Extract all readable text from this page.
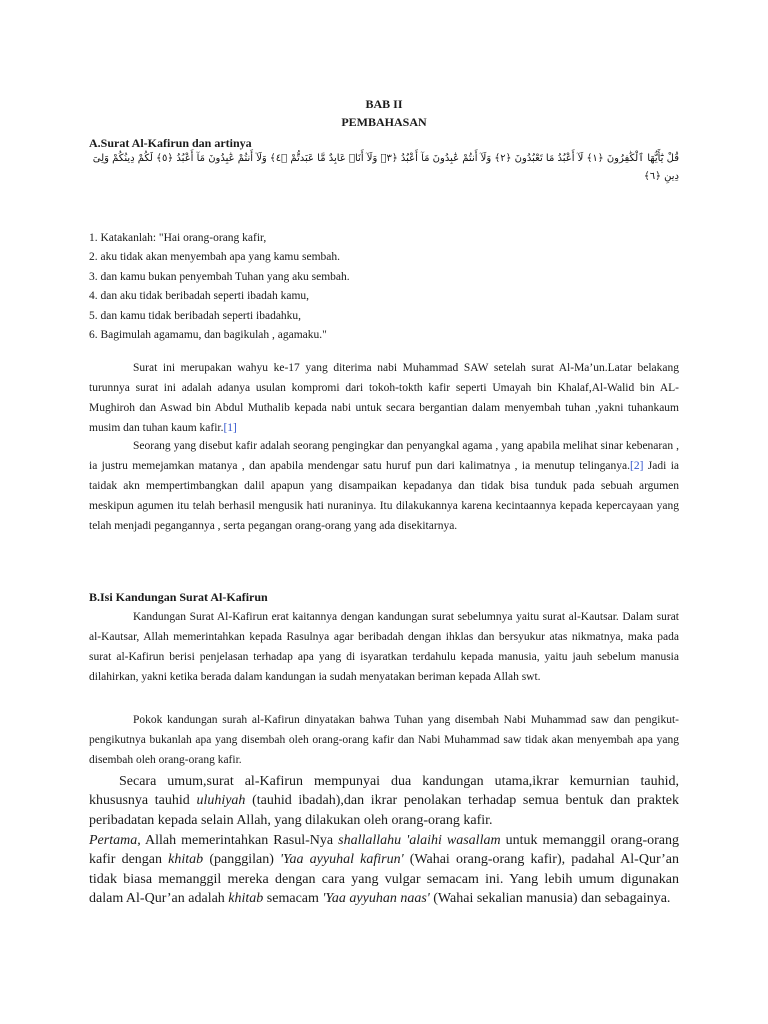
BAB II
PEMBAHASAN
A.Surat Al-Kafirun dan artinya
قُلْ يَٰٓأَيُّهَا ٱلْكَٰفِرُونَ ﴿١﴾ لَآ أَعْبُدُ مَا تَعْبُدُونَ ﴿٢﴾ وَلَآ أَنتُمْ عَٰبِدُونَ مَآ أَعْبُدُ ﴿٣﴾ وَلَآ أَنَا۠ عَابِدٌ مَّا عَبَدتُّمْ ﴿٤﴾ وَلَآ أَنتُمْ عَٰبِدُونَ مَآ أَعْبُدُ ﴿٥﴾ لَكُمْ دِينُكُمْ وَلِىَ دِينِ ﴿٦﴾
1. Katakanlah: "Hai orang-orang kafir,
2. aku tidak akan menyembah apa yang kamu sembah.
3. dan kamu bukan penyembah Tuhan yang aku sembah.
4. dan aku tidak beribadah seperti ibadah kamu,
5. dan kamu tidak beribadah seperti ibadahku,
6. Bagimulah agamamu, dan bagikulah , agamaku."

Surat ini merupakan wahyu ke-17 yang diterima nabi Muhammad SAW setelah surat Al-Ma’un.Latar belakang turunnya surat ini adalah adanya usulan kompromi dari tokoh-tokth kafir seperti Umayah bin Khalaf,Al-Walid bin AL-Mughiroh dan Aswad bin Abdul Muthalib kepada nabi untuk secara bergantian dalam menyembah tuhan ,yakni tuhankaum musim dan tuhan kaum kafir.[1]

Seorang yang disebut kafir adalah seorang pengingkar dan penyangkal agama , yang apabila melihat sinar kebenaran , ia justru memejamkan matanya , dan apabila mendengar satu huruf pun dari kalimatnya , ia menutup telinganya.[2] Jadi ia taidak akn mempertimbangkan dalil apapun yang disampaikan kepadanya dan tidak bisa tunduk pada sebuah argumen meskipun agumen itu telah berhasil mengusik hati nuraninya. Itu dilakukannya karena kecintaannya kepada kepercayaan yang telah menjadi pegangannya , serta pegangan orang-orang yang ada disekitarnya.

B.Isi Kandungan Surat Al-Kafirun

Kandungan Surat Al-Kafirun erat kaitannya dengan kandungan surat sebelumnya yaitu surat al-Kautsar. Dalam surat al-Kautsar, Allah memerintahkan kepada Rasulnya agar beribadah dengan ihklas dan bersyukur atas nikmatnya, maka pada surat al-Kafirun berisi penjelasan terhadap apa yang di isyaratkan terdahulu kepada manusia, yaitu jauh sebelum manusia dilahirkan, yakni ketika berada dalam kandungan ia sudah menyatakan beriman kepada Allah swt.

Pokok kandungan surah al-Kafirun dinyatakan bahwa Tuhan yang disembah Nabi Muhammad saw dan pengikut-pengikutnya bukanlah apa yang disembah oleh orang-orang kafir dan Nabi Muhammad saw tidak akan menyembah apa yang disembah oleh orang-orang kafir.

Secara umum,surat al-Kafirun mempunyai dua kandungan utama,ikrar kemurnian tauhid, khususnya tauhid uluhiyah (tauhid ibadah),dan ikrar penolakan terhadap semua bentuk dan praktek peribadatan kepada selain Allah, yang dilakukan oleh orang-orang kafir.

Pertama, Allah memerintahkan Rasul-Nya shallallahu 'alaihi wasallam untuk memanggil orang-orang kafir dengan khitab (panggilan) 'Yaa ayyuhal kafirun' (Wahai orang-orang kafir), padahal Al-Qur’an tidak biasa memanggil mereka dengan cara yang vulgar semacam ini. Yang lebih umum digunakan dalam Al-Qur’an adalah khitab semacam 'Yaa ayyuhan naas' (Wahai sekalian manusia) dan sebagainya.
